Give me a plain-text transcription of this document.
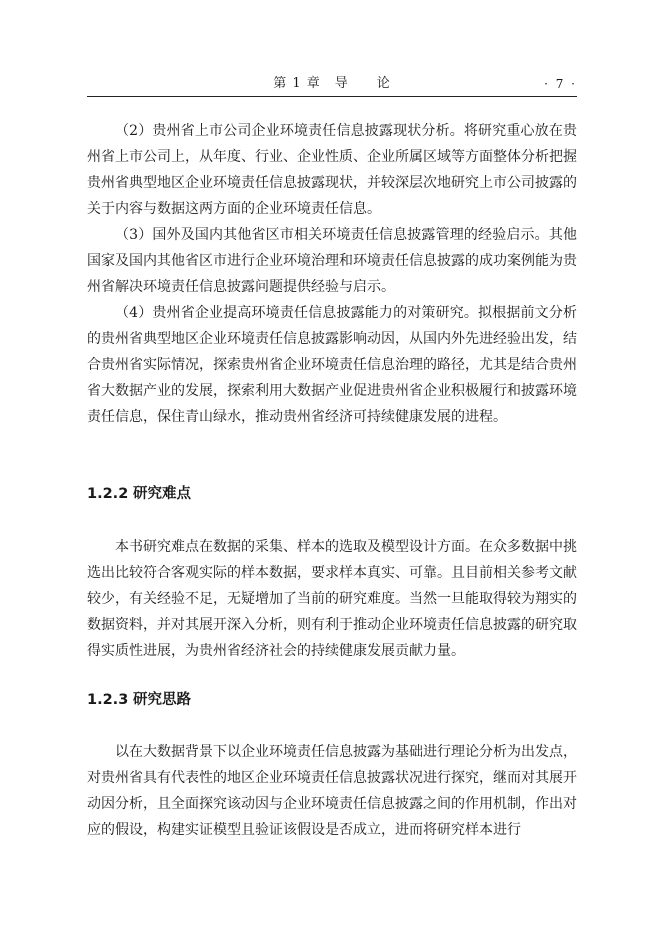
第 1 章　导　　论	· 7 ·

（2）贵州省上市公司企业环境责任信息披露现状分析。将研究重心放在贵州省上市公司上，从年度、行业、企业性质、企业所属区域等方面整体分析把握贵州省典型地区企业环境责任信息披露现状，并较深层次地研究上市公司披露的关于内容与数据这两方面的企业环境责任信息。

（3）国外及国内其他省区市相关环境责任信息披露管理的经验启示。其他国家及国内其他省区市进行企业环境治理和环境责任信息披露的成功案例能为贵州省解决环境责任信息披露问题提供经验与启示。

（4）贵州省企业提高环境责任信息披露能力的对策研究。拟根据前文分析的贵州省典型地区企业环境责任信息披露影响动因，从国内外先进经验出发，结合贵州省实际情况，探索贵州省企业环境责任信息治理的路径，尤其是结合贵州省大数据产业的发展，探索利用大数据产业促进贵州省企业积极履行和披露环境责任信息，保住青山绿水，推动贵州省经济可持续健康发展的进程。

1.2.2 研究难点

本书研究难点在数据的采集、样本的选取及模型设计方面。在众多数据中挑选出比较符合客观实际的样本数据，要求样本真实、可靠。且目前相关参考文献较少，有关经验不足，无疑增加了当前的研究难度。当然一旦能取得较为翔实的数据资料，并对其展开深入分析，则有利于推动企业环境责任信息披露的研究取得实质性进展，为贵州省经济社会的持续健康发展贡献力量。

1.2.3 研究思路

以在大数据背景下以企业环境责任信息披露为基础进行理论分析为出发点，对贵州省具有代表性的地区企业环境责任信息披露状况进行探究，继而对其展开动因分析，且全面探究该动因与企业环境责任信息披露之间的作用机制，作出对应的假设，构建实证模型且验证该假设是否成立，进而将研究样本进行
